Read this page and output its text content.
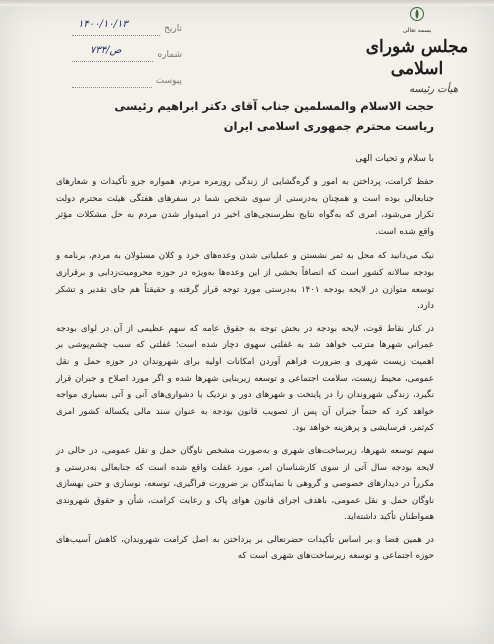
تاریخ
۱۴۰۰/۱۰/۱۳
شماره
۷۳۴/ص
پیوست
بسمه تعالی
مجلس شورای اسلامی
هیأت رئیسه

حجت الاسلام والمسلمین جناب آقای دکتر ابراهیم رئیسی

ریاست محترم جمهوری اسلامی ایران

با سلام و تحیات الهی

حفظ کرامت، پرداختن به امور و گره‌گشایی از زندگی روزمره مردم، همواره جزو تأکیدات و شعارهای جنابعالی بوده است و همچنان به‌درستی از سوی شخص شما در سفرهای هفتگی هیئت محترم دولت تکرار می‌شود، امری که به‌گواه نتایج نظرسنجی‌های اخیر در امیدوار شدن مردم به حل مشکلات مؤثر واقع شده است.

نیک می‌دانید که محل به ثمر نشستن و عملیاتی شدن وعده‌های خرد و کلان مسئولان به مردم، برنامه و بودجه سالانه کشور است که انصافاً بخشی از این وعده‌ها به‌ویژه در حوزه محرومیت‌زدایی و برقراری توسعه متوازن در لایحه بودجه ۱۴۰۱ به‌درستی مورد توجه قرار گرفته و حقیقتاً هم جای تقدیر و تشکر دارد.

در کنار نقاط قوت، لایحه بودجه در بخش توجه به حقوق عامه که سهم عظیمی از آن در لوای بودجه عمرانی شهرها مترتب خواهد شد به غفلتی سهوی دچار شده است؛ غفلتی که سبب چشم‌پوشی بر اهمیت زیست شهری و ضرورت فراهم آوردن امکانات اولیه برای شهروندان در حوزه حمل و نقل عمومی، محیط زیست، سلامت اجتماعی و توسعه زیربنایی شهرها شده و اگر مورد اصلاح و جبران قرار نگیرد، زندگی شهروندان را در پایتخت و شهرهای دور و نزدیک با دشواری‌های آنی و آتی بسیاری مواجه خواهد کرد که حتماً جبران آن پس از تصویب قانون بودجه به عنوان سند مالی یکساله کشور امری کم‌ثمر، فرسایشی و پرهزینه خواهد بود.

سهم توسعه شهرها، زیرساخت‌های شهری و به‌صورت مشخص ناوگان حمل و نقل عمومی، در حالی در لایحه بودجه سال آتی از سوی کارشناسان امر، مورد غفلت واقع شده است که جنابعالی به‌درستی و مکرراً در دیدارهای خصوصی و گروهی با نمایندگان بر ضرورت فراگیری، توسعه، نوسازی و حتی بهسازی ناوگان حمل و نقل عمومی، باهدف اجرای قانون هوای پاک و رعایت کرامت، شأن و حقوق شهروندی همواطنان تأکید داشته‌اید.

در همین فضا و بر اساس تأکیدات حضرتعالی بر پرداختن به اصل کرامت شهروندان، کاهش آسیب‌های حوزه اجتماعی و توسعه زیرساخت‌های شهری است که
